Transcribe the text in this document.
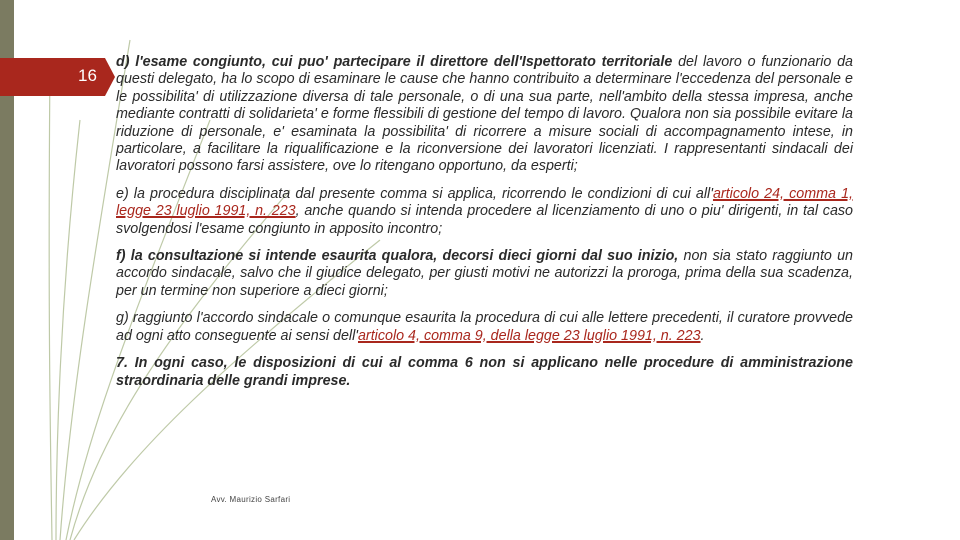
16

d) l'esame congiunto, cui puo' partecipare il direttore dell'Ispettorato territoriale del lavoro o funzionario da questi delegato, ha lo scopo di esaminare le cause che hanno contribuito a determinare l'eccedenza del personale e le possibilita' di utilizzazione diversa di tale personale, o di una sua parte, nell'ambito della stessa impresa, anche mediante contratti di solidarieta' e forme flessibili di gestione del tempo di lavoro. Qualora non sia possibile evitare la riduzione di personale, e' esaminata la possibilita' di ricorrere a misure sociali di accompagnamento intese, in particolare, a facilitare la riqualificazione e la riconversione dei lavoratori licenziati. I rappresentanti sindacali dei lavoratori possono farsi assistere, ove lo ritengano opportuno, da esperti;

e) la procedura disciplinata dal presente comma si applica, ricorrendo le condizioni di cui all'articolo 24, comma 1, legge 23 luglio 1991, n. 223, anche quando si intenda procedere al licenziamento di uno o piu' dirigenti, in tal caso svolgendosi l'esame congiunto in apposito incontro;

f) la consultazione si intende esaurita qualora, decorsi dieci giorni dal suo inizio, non sia stato raggiunto un accordo sindacale, salvo che il giudice delegato, per giusti motivi ne autorizzi la proroga, prima della sua scadenza, per un termine non superiore a dieci giorni;

g) raggiunto l'accordo sindacale o comunque esaurita la procedura di cui alle lettere precedenti, il curatore provvede ad ogni atto conseguente ai sensi dell'articolo 4, comma 9, della legge 23 luglio 1991, n. 223.

7. In ogni caso, le disposizioni di cui al comma 6 non si applicano nelle procedure di amministrazione straordinaria delle grandi imprese.

Avv. Maurizio Sarfari
